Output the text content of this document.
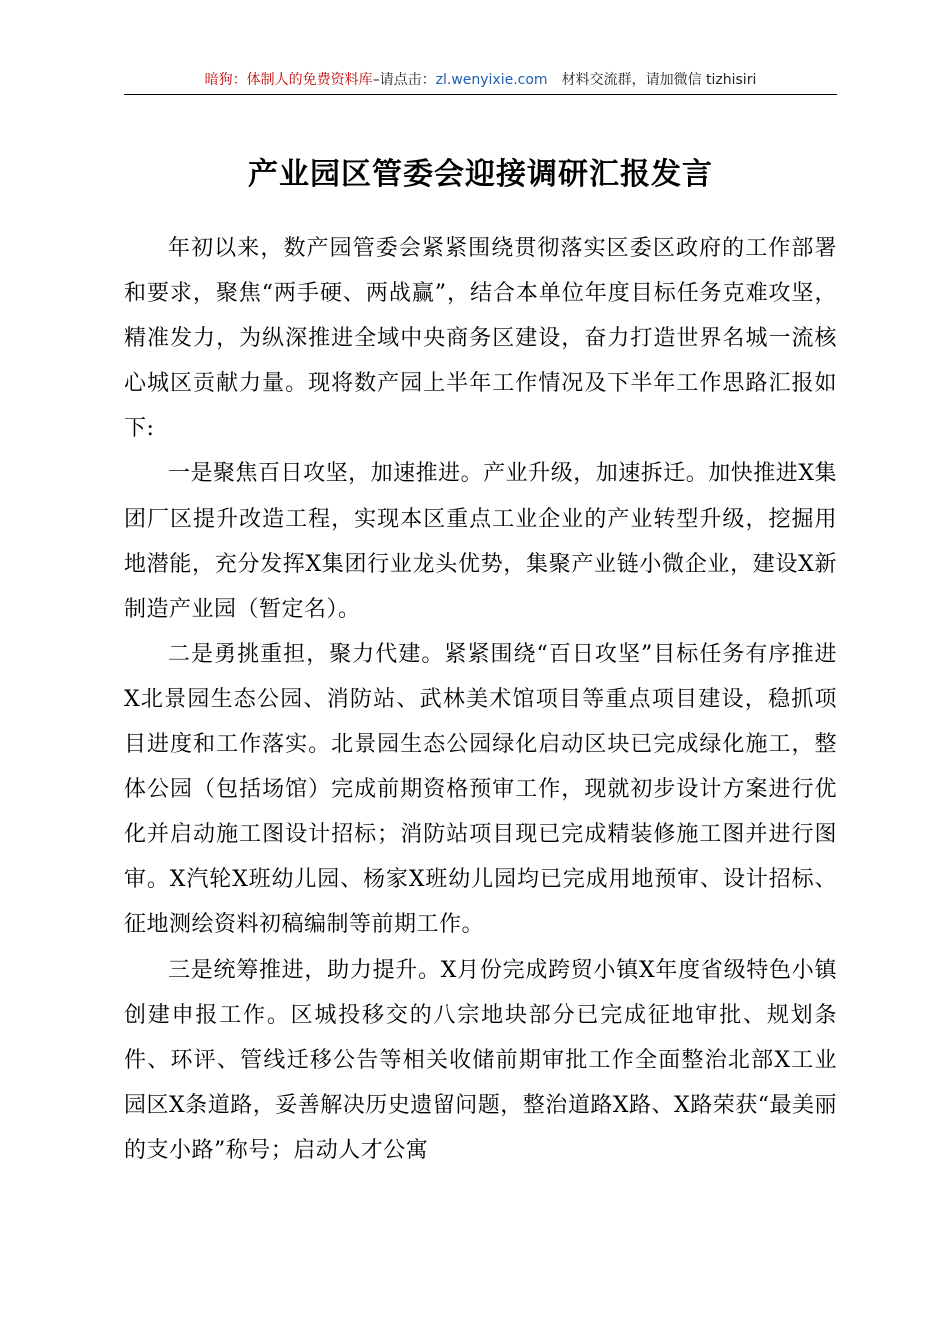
暗狗：体制人的免费资料库–请点击：zl.wenyixie.com 材料交流群，请加微信 tizhisiri
产业园区管委会迎接调研汇报发言

年初以来，数产园管委会紧紧围绕贯彻落实区委区政府的工作部署和要求，聚焦“两手硬、两战赢”，结合本单位年度目标任务克难攻坚，精准发力，为纵深推进全域中央商务区建设，奋力打造世界名城一流核心城区贡献力量。现将数产园上半年工作情况及下半年工作思路汇报如下:

一是聚焦百日攻坚，加速推进。产业升级，加速拆迁。加快推进X集团厂区提升改造工程，实现本区重点工业企业的产业转型升级，挖掘用地潜能，充分发挥X集团行业龙头优势，集聚产业链小微企业，建设X新制造产业园（暂定名）。

二是勇挑重担，聚力代建。紧紧围绕“百日攻坚”目标任务有序推进X北景园生态公园、消防站、武林美术馆项目等重点项目建设，稳抓项目进度和工作落实。北景园生态公园绿化启动区块已完成绿化施工，整体公园（包括场馆）完成前期资格预审工作，现就初步设计方案进行优化并启动施工图设计招标；消防站项目现已完成精装修施工图并进行图审。X汽轮X班幼儿园、杨家X班幼儿园均已完成用地预审、设计招标、征地测绘资料初稿编制等前期工作。

三是统筹推进，助力提升。X月份完成跨贸小镇X年度省级特色小镇创建申报工作。区城投移交的八宗地块部分已完成征地审批、规划条件、环评、管线迁移公告等相关收储前期审批工作全面整治北部X工业园区X条道路，妥善解决历史遗留问题，整治道路X路、X路荣获“最美丽的支小路”称号；启动人才公寓
